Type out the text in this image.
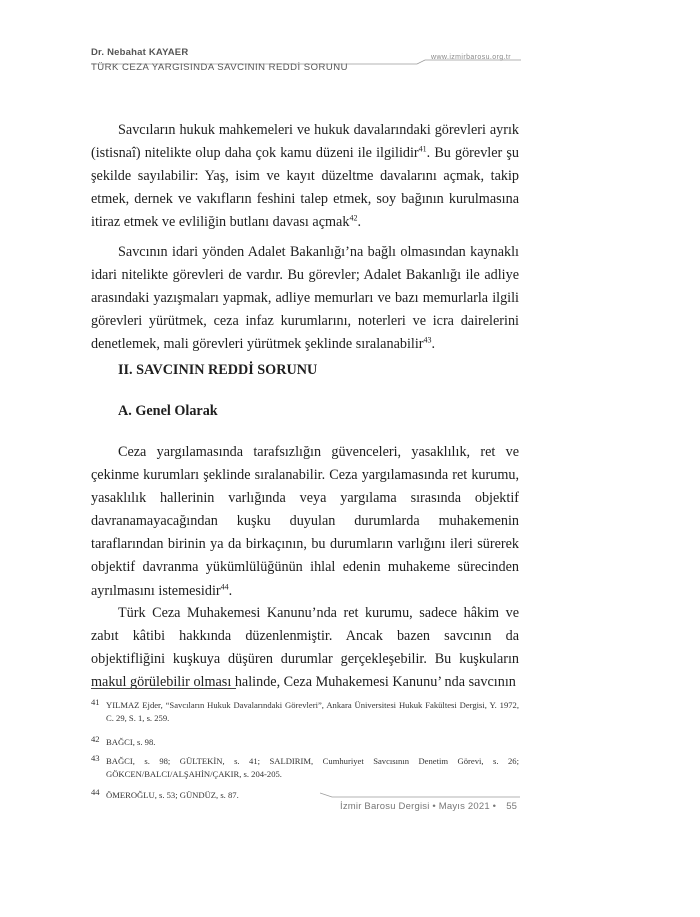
Dr. Nebahat KAYAER	www.izmirbarosu.org.tr
TÜRK CEZA YARGISINDA SAVCININ REDDİ SORUNU

Savcıların hukuk mahkemeleri ve hukuk davalarındaki görevleri ayrık (istisnaî) nitelikte olup daha çok kamu düzeni ile ilgilidir$^{41}$. Bu görevler şu şekilde sayılabilir: Yaş, isim ve kayıt düzeltme davalarını açmak, takip etmek, dernek ve vakıfların feshini talep etmek, soy bağının kurulmasına itiraz etmek ve evliliğin butlanı davası açmak$^{42}$.

Savcının idari yönden Adalet Bakanlığı’na bağlı olmasından kaynaklı idari nitelikte görevleri de vardır. Bu görevler; Adalet Bakanlığı ile adliye arasındaki yazışmaları yapmak, adliye memurları ve bazı memurlarla ilgili görevleri yürütmek, ceza infaz kurumlarını, noterleri ve icra dairelerini denetlemek, mali görevleri yürütmek şeklinde sıralanabilir$^{43}$.

II. SAVCININ REDDİ SORUNU
A. Genel Olarak

Ceza yargılamasında tarafsızlığın güvenceleri, yasaklılık, ret ve çekinme kurumları şeklinde sıralanabilir. Ceza yargılamasında ret kurumu, yasaklılık hallerinin varlığında veya yargılama sırasında objektif davranamayacağından kuşku duyulan durumlarda muhakemenin taraflarından birinin ya da birkaçının, bu durumların varlığını ileri sürerek objektif davranma yükümlülüğünün ihlal edenin muhakeme sürecinden ayrılmasını istemesidir$^{44}$.

Türk Ceza Muhakemesi Kanunu’nda ret kurumu, sadece hâkim ve zabıt kâtibi hakkında düzenlenmiştir. Ancak bazen savcının da objektifliğini kuşkuya düşüren durumlar gerçekleşebilir. Bu kuşkuların makul görülebilir olması halinde, Ceza Muhakemesi Kanunu’ nda savcının

41 YILMAZ Ejder, “Savcıların Hukuk Davalarındaki Görevleri”, Ankara Üniversitesi Hukuk Fakültesi Dergisi, Y. 1972, C. 29, S. 1, s. 259.

42 BAĞCI, s. 98.

43 BAĞCI, s. 98; GÜLTEKİN, s. 41; SALDIRIM, Cumhuriyet Savcısının Denetim Görevi, s. 26; GÖKCEN/BALCI/ALŞAHİN/ÇAKIR, s. 204-205.

44 ÖMEROĞLU, s. 53; GÜNDÜZ, s. 87.

İzmir Barosu Dergisi • Mayıs 2021 • 55
